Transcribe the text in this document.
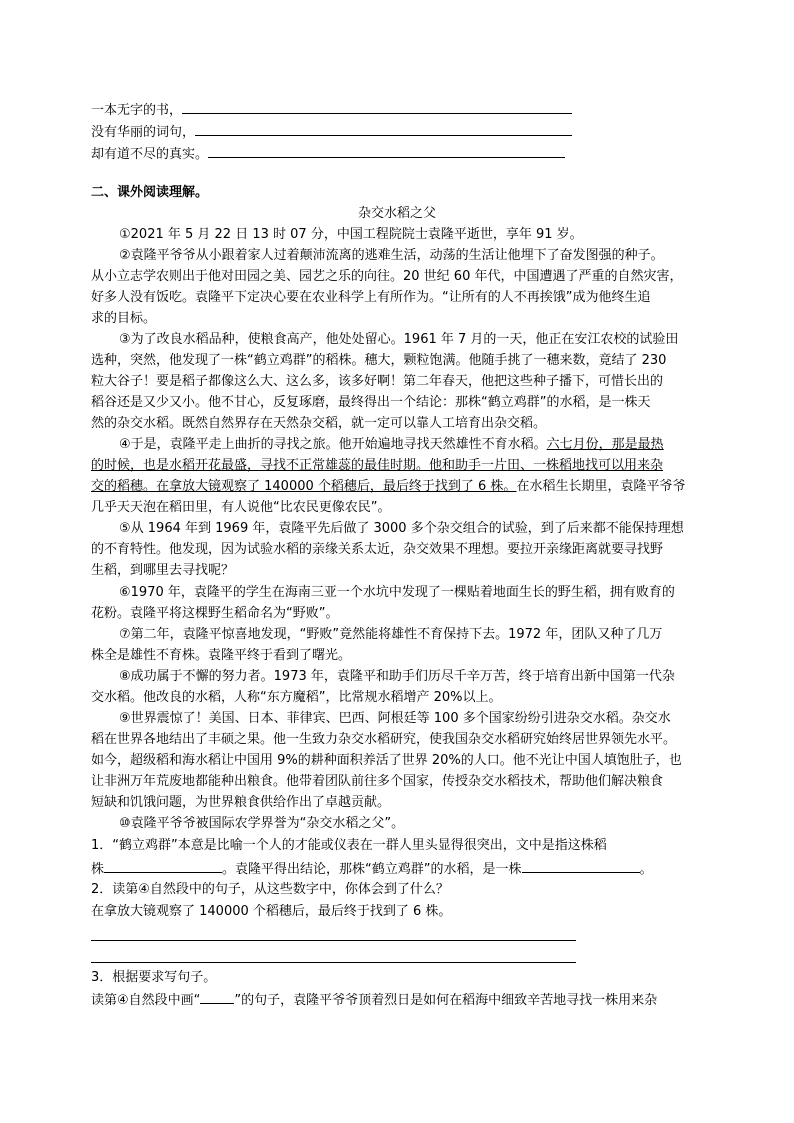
一本无字的书，
没有华丽的词句，
却有道不尽的真实。
二、课外阅读理解。
杂交水稻之父
①2021 年 5 月 22 日 13 时 07 分，中国工程院院士袁隆平逝世，享年 91 岁。
②袁隆平爷爷从小跟着家人过着颠沛流离的逃难生活，动荡的生活让他埋下了奋发图强的种子。
从小立志学农则出于他对田园之美、园艺之乐的向往。20 世纪 60 年代，中国遭遇了严重的自然灾害，
好多人没有饭吃。袁隆平下定决心要在农业科学上有所作为。“让所有的人不再挨饿”成为他终生追
求的目标。
③为了改良水稻品种，使粮食高产，他处处留心。1961 年 7 月的一天，他正在安江农校的试验田
选种，突然，他发现了一株“鹤立鸡群”的稻株。穗大，颗粒饱满。他随手挑了一穗来数，竟结了 230
粒大谷子！要是稻子都像这么大、这么多，该多好啊！第二年春天，他把这些种子播下，可惜长出的
稻谷还是又少又小。他不甘心，反复琢磨，最终得出一个结论：那株“鹤立鸡群”的水稻，是一株天
然的杂交水稻。既然自然界存在天然杂交稻，就一定可以靠人工培育出杂交稻。
④于是，袁隆平走上曲折的寻找之旅。他开始遍地寻找天然雄性不育水稻。六七月份，那是最热
的时候，也是水稻开花最盛，寻找不正常雄蕊的最佳时期。他和助手一片田、一株稻地找可以用来杂
交的稻穗。在拿放大镜观察了 140000 个稻穗后，最后终于找到了 6 株。在水稻生长期里，袁隆平爷爷
几乎天天泡在稻田里，有人说他“比农民更像农民”。
⑤从 1964 年到 1969 年，袁隆平先后做了 3000 多个杂交组合的试验，到了后来都不能保持理想
的不育特性。他发现，因为试验水稻的亲缘关系太近，杂交效果不理想。要拉开亲缘距离就要寻找野
生稻，到哪里去寻找呢？
⑥1970 年，袁隆平的学生在海南三亚一个水坑中发现了一棵贴着地面生长的野生稻，拥有败育的
花粉。袁隆平将这棵野生稻命名为“野败”。
⑦第二年，袁隆平惊喜地发现，“野败”竟然能将雄性不育保持下去。1972 年，团队又种了几万
株全是雄性不育株。袁隆平终于看到了曙光。
⑧成功属于不懈的努力者。1973 年，袁隆平和助手们历尽千辛万苦，终于培育出新中国第一代杂
交水稻。他改良的水稻，人称“东方魔稻”，比常规水稻增产 20%以上。
⑨世界震惊了！美国、日本、菲律宾、巴西、阿根廷等 100 多个国家纷纷引进杂交水稻。杂交水
稻在世界各地结出了丰硕之果。他一生致力杂交水稻研究，使我国杂交水稻研究始终居世界领先水平。
如今，超级稻和海水稻让中国用 9%的耕种面积养活了世界 20%的人口。他不光让中国人填饱肚子，也
让非洲万年荒废地都能种出粮食。他带着团队前往多个国家，传授杂交水稻技术，帮助他们解决粮食
短缺和饥饿问题，为世界粮食供给作出了卓越贡献。
⑩袁隆平爷爷被国际农学界誉为“杂交水稻之父”。
1．“鹤立鸡群”本意是比喻一个人的才能或仪表在一群人里头显得很突出，文中是指这株稻
株	。袁隆平得出结论，那株“鹤立鸡群”的水稻，是一株	。
2．读第④自然段中的句子，从这些数字中，你体会到了什么？
在拿放大镜观察了 140000 个稻穗后，最后终于找到了 6 株。
3．根据要求写句子。
读第④自然段中画“	”的句子，袁隆平爷爷顶着烈日是如何在稻海中细致辛苦地寻找一株用来杂
